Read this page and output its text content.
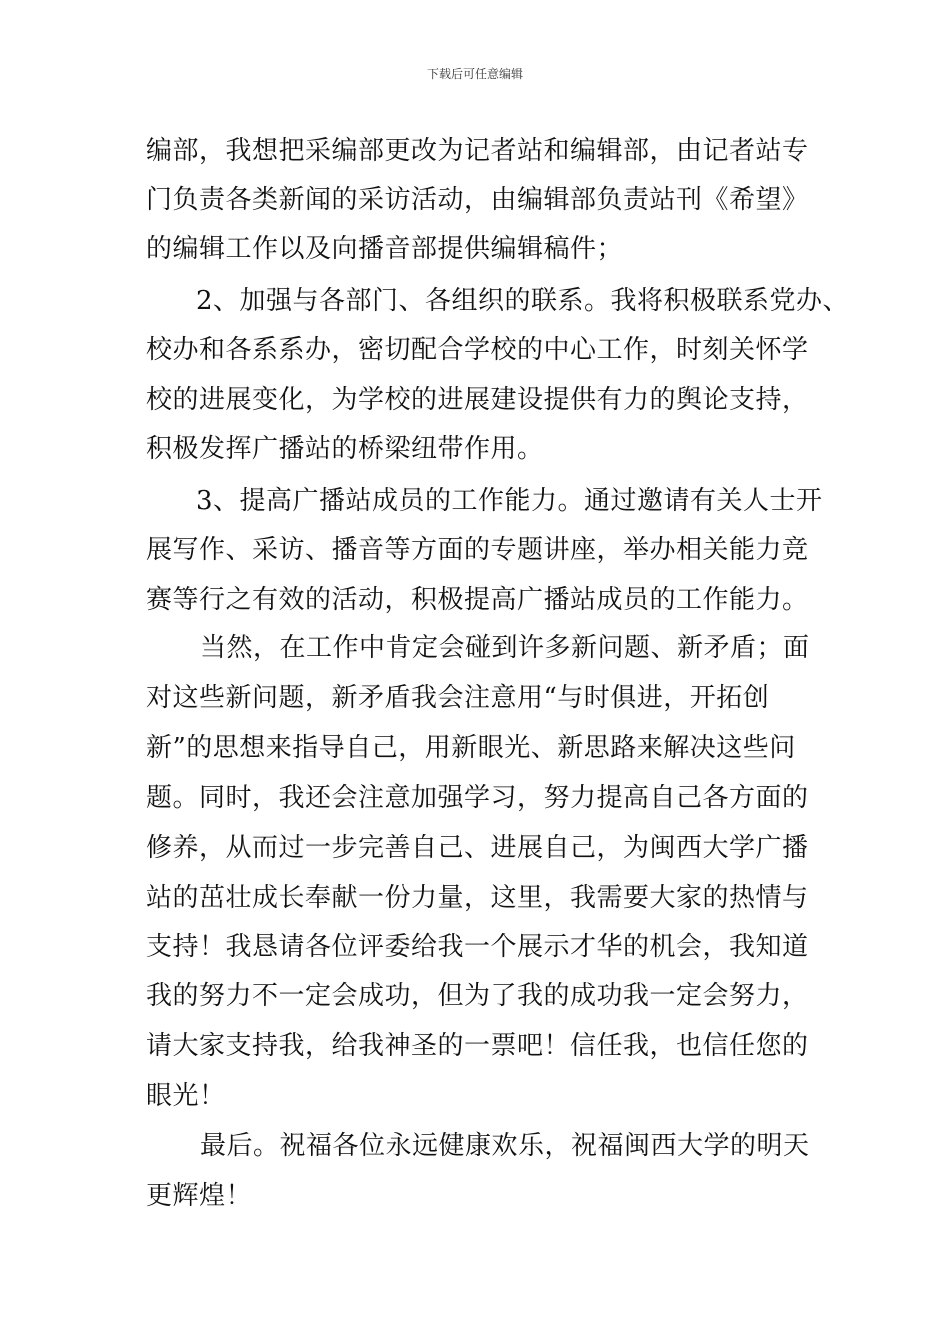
下载后可任意编辑
编部，我想把采编部更改为记者站和编辑部，由记者站专
门负责各类新闻的采访活动，由编辑部负责站刊《希望》
的编辑工作以及向播音部提供编辑稿件；
2、加强与各部门、各组织的联系。我将积极联系党办、
校办和各系系办，密切配合学校的中心工作，时刻关怀学
校的进展变化，为学校的进展建设提供有力的舆论支持，
积极发挥广播站的桥梁纽带作用。
3、提高广播站成员的工作能力。通过邀请有关人士开
展写作、采访、播音等方面的专题讲座，举办相关能力竞
赛等行之有效的活动，积极提高广播站成员的工作能力。
当然，在工作中肯定会碰到许多新问题、新矛盾；面
对这些新问题，新矛盾我会注意用“与时俱进，开拓创
新”的思想来指导自己，用新眼光、新思路来解决这些问
题。同时，我还会注意加强学习，努力提高自己各方面的
修养，从而过一步完善自己、进展自己，为闽西大学广播
站的茁壮成长奉献一份力量，这里，我需要大家的热情与
支持！我恳请各位评委给我一个展示才华的机会，我知道
我的努力不一定会成功，但为了我的成功我一定会努力，
请大家支持我，给我神圣的一票吧！信任我，也信任您的
眼光！
最后。祝福各位永远健康欢乐，祝福闽西大学的明天
更辉煌！
